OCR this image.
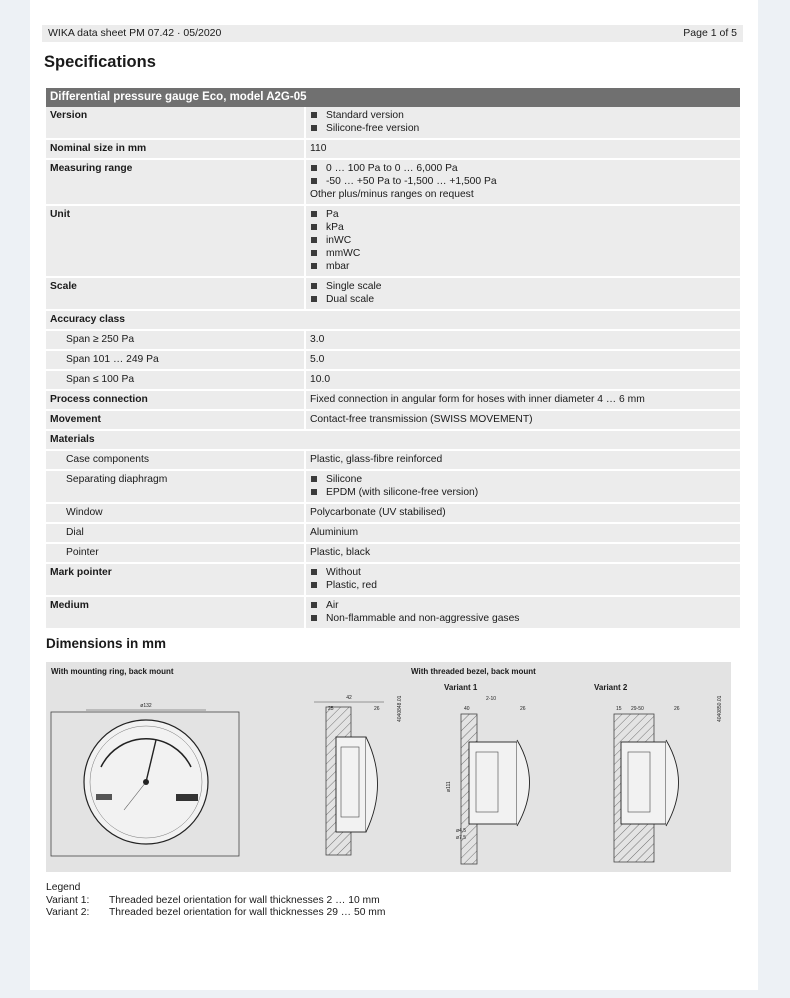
WIKA data sheet PM 07.42 · 05/2020	Page 1 of 5
Specifications
Differential pressure gauge Eco, model A2G-05
Version	Standard version
Silicone-free version
Nominal size in mm	110
Measuring range	0 … 100 Pa to 0 … 6,000 Pa
-50 … +50 Pa to -1,500 … +1,500 Pa
Other plus/minus ranges on request
Unit	Pa
kPa
inWC
mmWC
mbar
Scale	Single scale
Dual scale
Accuracy class
Span ≥ 250 Pa	3.0
Span 101 … 249 Pa	5.0
Span ≤ 100 Pa	10.0
Process connection	Fixed connection in angular form for hoses with inner diameter 4 … 6 mm
Movement	Contact-free transmission (SWISS MOVEMENT)
Materials
Case components	Plastic, glass-fibre reinforced
Separating diaphragm	Silicone
EPDM (with silicone-free version)
Window	Polycarbonate (UV stabilised)
Dial	Aluminium
Pointer	Plastic, black
Mark pointer	Without
Plastic, red
Medium	Air
Non-flammable and non-aggressive gases
Dimensions in mm
With mounting ring, back mount	With threaded bezel, back mount
Variant 1	Variant 2
ø132
42
25	26	4040848.01	2-10
40	26
ø111
ø4,5
ø7,5
15 29-50	26	4040850.01
Legend
Variant 1:	Threaded bezel orientation for wall thicknesses 2 … 10 mm
Variant 2:	Threaded bezel orientation for wall thicknesses 29 … 50 mm
